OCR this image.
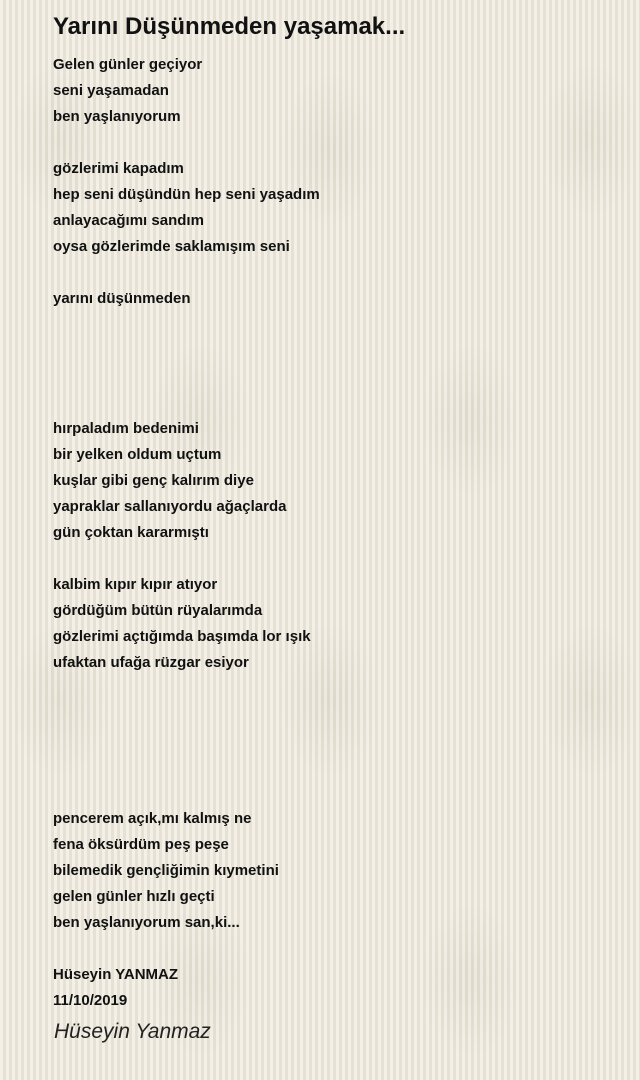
Yarını Düşünmeden yaşamak...
Gelen günler geçiyor
seni yaşamadan
ben yaşlanıyorum
gözlerimi kapadım
hep seni düşündün hep seni yaşadım
anlayacağımı sandım
oysa gözlerimde saklamışım seni
yarını düşünmeden
hırpaladım bedenimi
bir yelken oldum uçtum
kuşlar gibi genç kalırım diye
yapraklar sallanıyordu ağaçlarda
gün çoktan kararmıştı
kalbim kıpır kıpır atıyor
gördüğüm bütün rüyalarımda
gözlerimi açtığımda başımda lor ışık
ufaktan ufağa rüzgar esiyor
pencerem açık,mı kalmış ne
fena öksürdüm peş peşe
bilemedik gençliğimin kıymetini
gelen günler hızlı geçti
ben yaşlanıyorum san,ki...
Hüseyin YANMAZ
11/10/2019
Hüseyin Yanmaz
